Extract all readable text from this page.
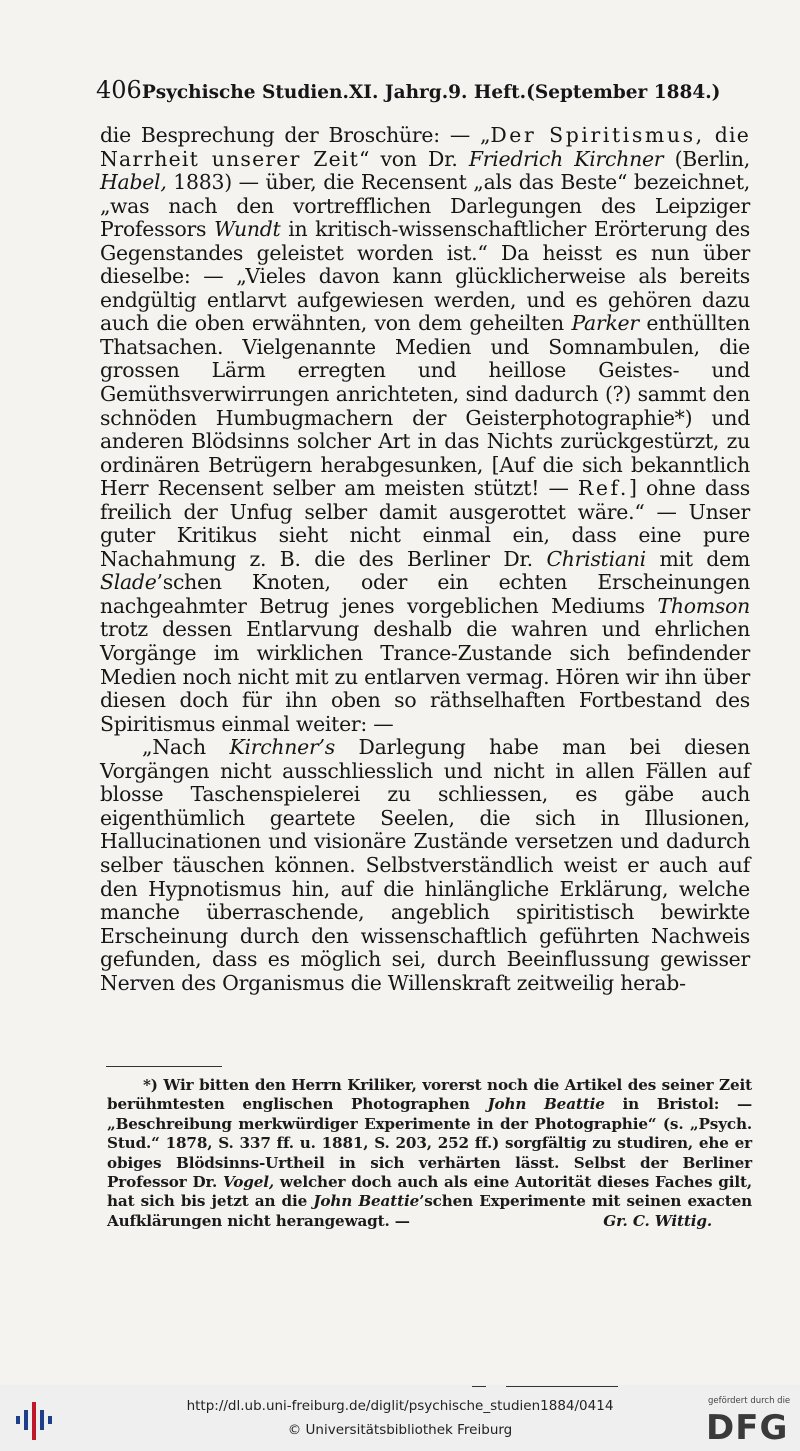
406 Psychische Studien. XI. Jahrg. 9. Heft. (September 1884.)

die Besprechung der Broschüre: — „Der Spiritismus, die Narrheit unserer Zeit“ von Dr. Friedrich Kirchner (Berlin, Habel, 1883) — über, die Recensent „als das Beste“ bezeichnet, „was nach den vortrefflichen Darlegungen des Leipziger Professors Wundt in kritisch-wissenschaftlicher Erörterung des Gegenstandes geleistet worden ist.“ Da heisst es nun über dieselbe: — „Vieles davon kann glücklicherweise als bereits endgültig entlarvt aufgewiesen werden, und es gehören dazu auch die oben erwähnten, von dem geheilten Parker enthüllten Thatsachen. Vielgenannte Medien und Somnambulen, die grossen Lärm erregten und heillose Geistes- und Gemüthsverwirrungen anrichteten, sind dadurch (?) sammt den schnöden Humbugmachern der Geisterphotographie*) und anderen Blödsinns solcher Art in das Nichts zurückgestürzt, zu ordinären Betrügern herabgesunken, [Auf die sich bekanntlich Herr Recensent selber am meisten stützt! — Ref.] ohne dass freilich der Unfug selber damit ausgerottet wäre.“ — Unser guter Kritikus sieht nicht einmal ein, dass eine pure Nachahmung z. B. die des Berliner Dr. Christiani mit dem Slade’schen Knoten, oder ein echten Erscheinungen nachgeahmter Betrug jenes vorgeblichen Mediums Thomson trotz dessen Entlarvung deshalb die wahren und ehrlichen Vorgänge im wirklichen Trance-Zustande sich befindender Medien noch nicht mit zu entlarven vermag. Hören wir ihn über diesen doch für ihn oben so räthselhaften Fortbestand des Spiritismus einmal weiter: —

„Nach Kirchner’s Darlegung habe man bei diesen Vorgängen nicht ausschliesslich und nicht in allen Fällen auf blosse Taschenspielerei zu schliessen, es gäbe auch eigenthümlich geartete Seelen, die sich in Illusionen, Hallucinationen und visionäre Zustände versetzen und dadurch selber täuschen können. Selbstverständlich weist er auch auf den Hypnotismus hin, auf die hinlängliche Erklärung, welche manche überraschende, angeblich spiritistisch bewirkte Erscheinung durch den wissenschaftlich geführten Nachweis gefunden, dass es möglich sei, durch Beeinflussung gewisser Nerven des Organismus die Willenskraft zeitweilig herab-

*) Wir bitten den Herrn Kriliker, vorerst noch die Artikel des seiner Zeit berühmtesten englischen Photographen John Beattie in Bristol: — „Beschreibung merkwürdiger Experimente in der Photographie“ (s. „Psych. Stud.“ 1878, S. 337 ff. u. 1881, S. 203, 252 ff.) sorgfältig zu studiren, ehe er obiges Blödsinns-Urtheil in sich verhärten lässt. Selbst der Berliner Professor Dr. Vogel, welcher doch auch als eine Autorität dieses Faches gilt, hat sich bis jetzt an die John Beattie’schen Experimente mit seinen exacten Aufklärungen nicht herangewagt. —	Gr. C. Wittig.

http://dl.ub.uni-freiburg.de/diglit/psychische_studien1884/0414
© Universitätsbibliothek Freiburg
gefördert durch die
DFG
